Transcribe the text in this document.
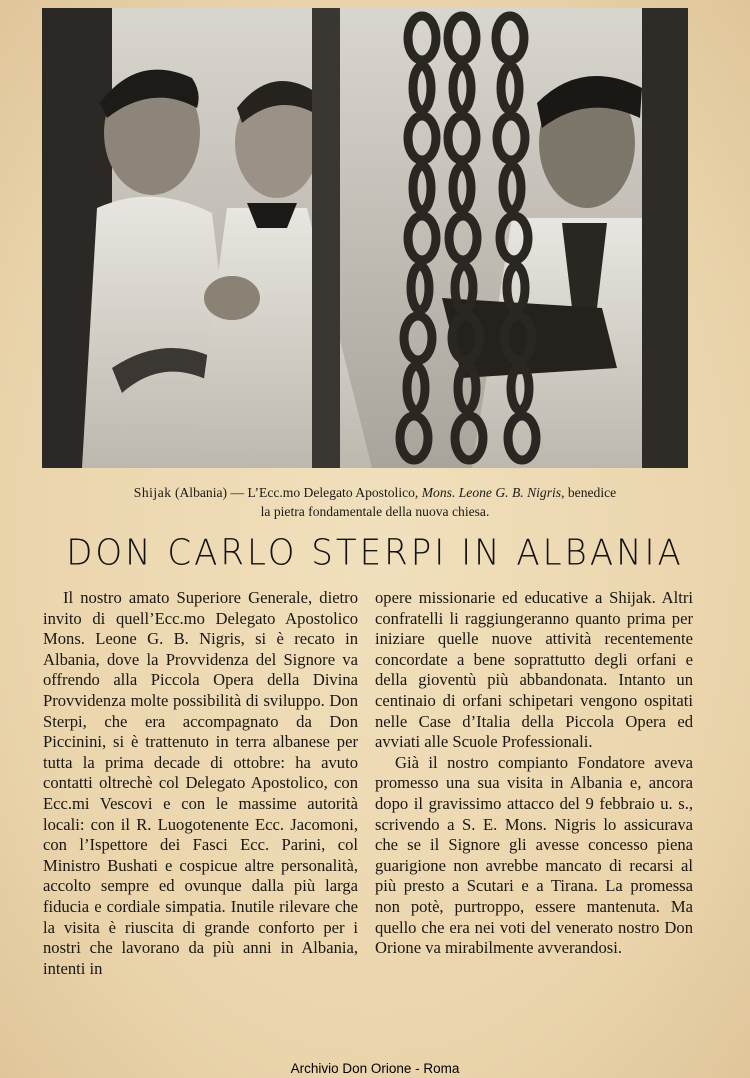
Shijak (Albania) — L’Ecc.mo Delegato Apostolico, Mons. Leone G. B. Nigris, benedice
la pietra fondamentale della nuova chiesa.
DON CARLO STERPI IN ALBANIA

Il nostro amato Superiore Generale, dietro invito di quell’Ecc.mo Delegato Apostolico Mons. Leone G. B. Nigris, si è recato in Albania, dove la Provvidenza del Signore va offrendo alla Piccola Opera della Divina Provvidenza molte possibilità di sviluppo. Don Sterpi, che era accompagnato da Don Piccinini, si è trattenuto in terra albanese per tutta la prima decade di ottobre: ha avuto contatti oltrechè col Delegato Apostolico, con Ecc.mi Vescovi e con le massime autorità locali: con il R. Luogotenente Ecc. Jacomoni, con l’Ispettore dei Fasci Ecc. Parini, col Ministro Bushati e cospicue altre personalità, accolto sempre ed ovunque dalla più larga fiducia e cordiale simpatia. Inutile rilevare che la visita è riuscita di grande conforto per i nostri che lavorano da più anni in Albania, intenti in

opere missionarie ed educative a Shijak. Altri confratelli li raggiungeranno quanto prima per iniziare quelle nuove attività recentemente concordate a bene soprattutto degli orfani e della gioventù più abbandonata. Intanto un centinaio di orfani schipetari vengono ospitati nelle Case d’Italia della Piccola Opera ed avviati alle Scuole Professionali.

Già il nostro compianto Fondatore aveva promesso una sua visita in Albania e, ancora dopo il gravissimo attacco del 9 febbraio u. s., scrivendo a S. E. Mons. Nigris lo assicurava che se il Signore gli avesse concesso piena guarigione non avrebbe mancato di recarsi al più presto a Scutari e a Tirana. La promessa non potè, purtroppo, essere mantenuta. Ma quello che era nei voti del venerato nostro Don Orione va mirabilmente avverandosi.

Archivio Don Orione - Roma
